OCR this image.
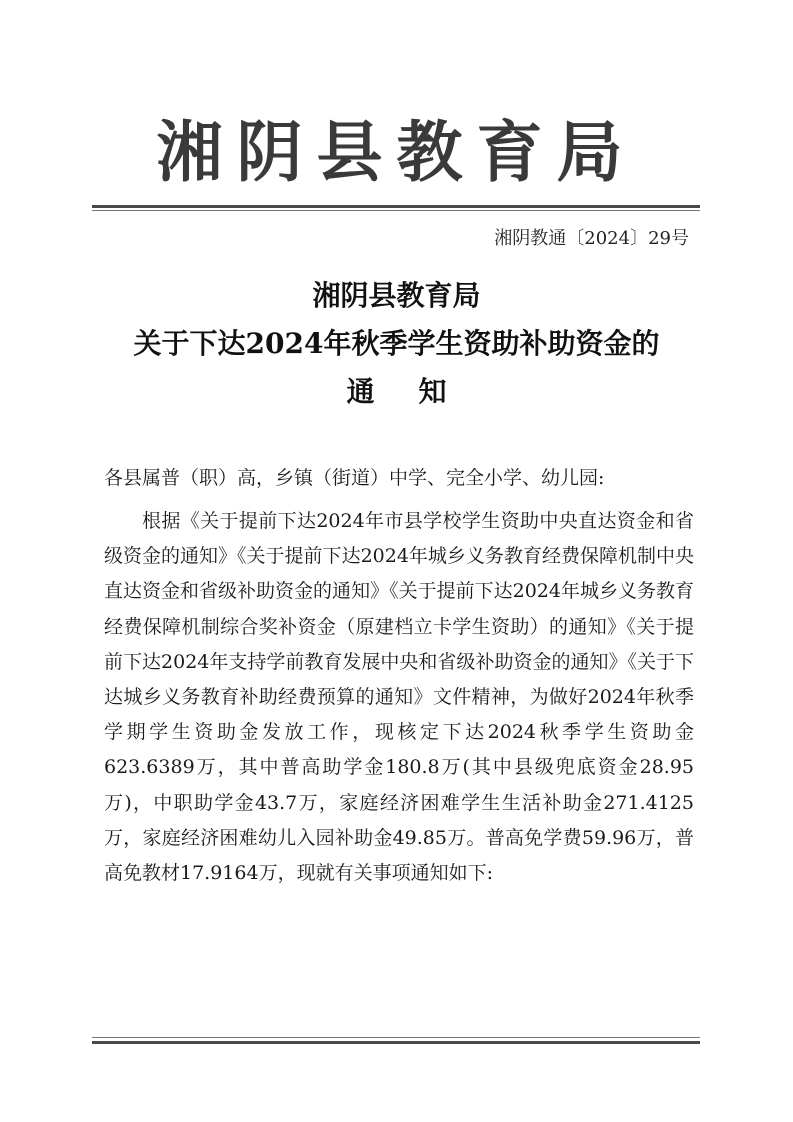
湘阴县教育局
湘阴教通〔2024〕29号
湘阴县教育局
关于下达2024年秋季学生资助补助资金的
通知
各县属普（职）高，乡镇（街道）中学、完全小学、幼儿园:

根据《关于提前下达2024年市县学校学生资助中央直达资金和省级资金的通知》《关于提前下达2024年城乡义务教育经费保障机制中央直达资金和省级补助资金的通知》《关于提前下达2024年城乡义务教育经费保障机制综合奖补资金（原建档立卡学生资助）的通知》《关于提前下达2024年支持学前教育发展中央和省级补助资金的通知》《关于下达城乡义务教育补助经费预算的通知》文件精神，为做好2024年秋季学期学生资助金发放工作，现核定下达2024秋季学生资助金623.6389万，其中普高助学金180.8万(其中县级兜底资金28.95万)，中职助学金43.7万，家庭经济困难学生生活补助金271.4125万，家庭经济困难幼儿入园补助金49.85万。普高免学费59.96万，普高免教材17.9164万，现就有关事项通知如下:
